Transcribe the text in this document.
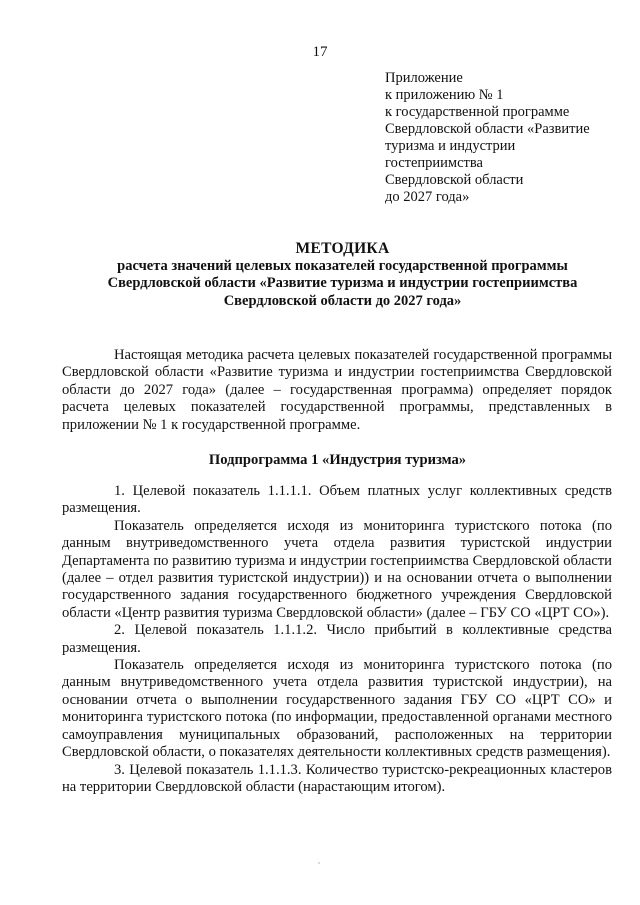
17
Приложение
к приложению № 1
к государственной программе
Свердловской области «Развитие
туризма и индустрии
гостеприимства
Свердловской области
до 2027 года»
МЕТОДИКА
расчета значений целевых показателей государственной программы
Свердловской области «Развитие туризма и индустрии гостеприимства
Свердловской области до 2027 года»

Настоящая методика расчета целевых показателей государственной программы Свердловской области «Развитие туризма и индустрии гостеприимства Свердловской области до 2027 года» (далее – государственная программа) определяет порядок расчета целевых показателей государственной программы, представленных в приложении № 1 к государственной программе.

Подпрограмма 1 «Индустрия туризма»

1. Целевой показатель 1.1.1.1. Объем платных услуг коллективных средств размещения.

Показатель определяется исходя из мониторинга туристского потока (по данным внутриведомственного учета отдела развития туристской индустрии Департамента по развитию туризма и индустрии гостеприимства Свердловской области (далее – отдел развития туристской индустрии)) и на основании отчета о выполнении государственного задания государственного бюджетного учреждения Свердловской области «Центр развития туризма Свердловской области» (далее – ГБУ СО «ЦРТ СО»).

2. Целевой показатель 1.1.1.2. Число прибытий в коллективные средства размещения.

Показатель определяется исходя из мониторинга туристского потока (по данным внутриведомственного учета отдела развития туристской индустрии), на основании отчета о выполнении государственного задания ГБУ СО «ЦРТ СО» и мониторинга туристского потока (по информации, предоставленной органами местного самоуправления муниципальных образований, расположенных на территории Свердловской области, о показателях деятельности коллективных средств размещения).

3. Целевой показатель 1.1.1.3. Количество туристско-рекреационных кластеров на территории Свердловской области (нарастающим итогом).
